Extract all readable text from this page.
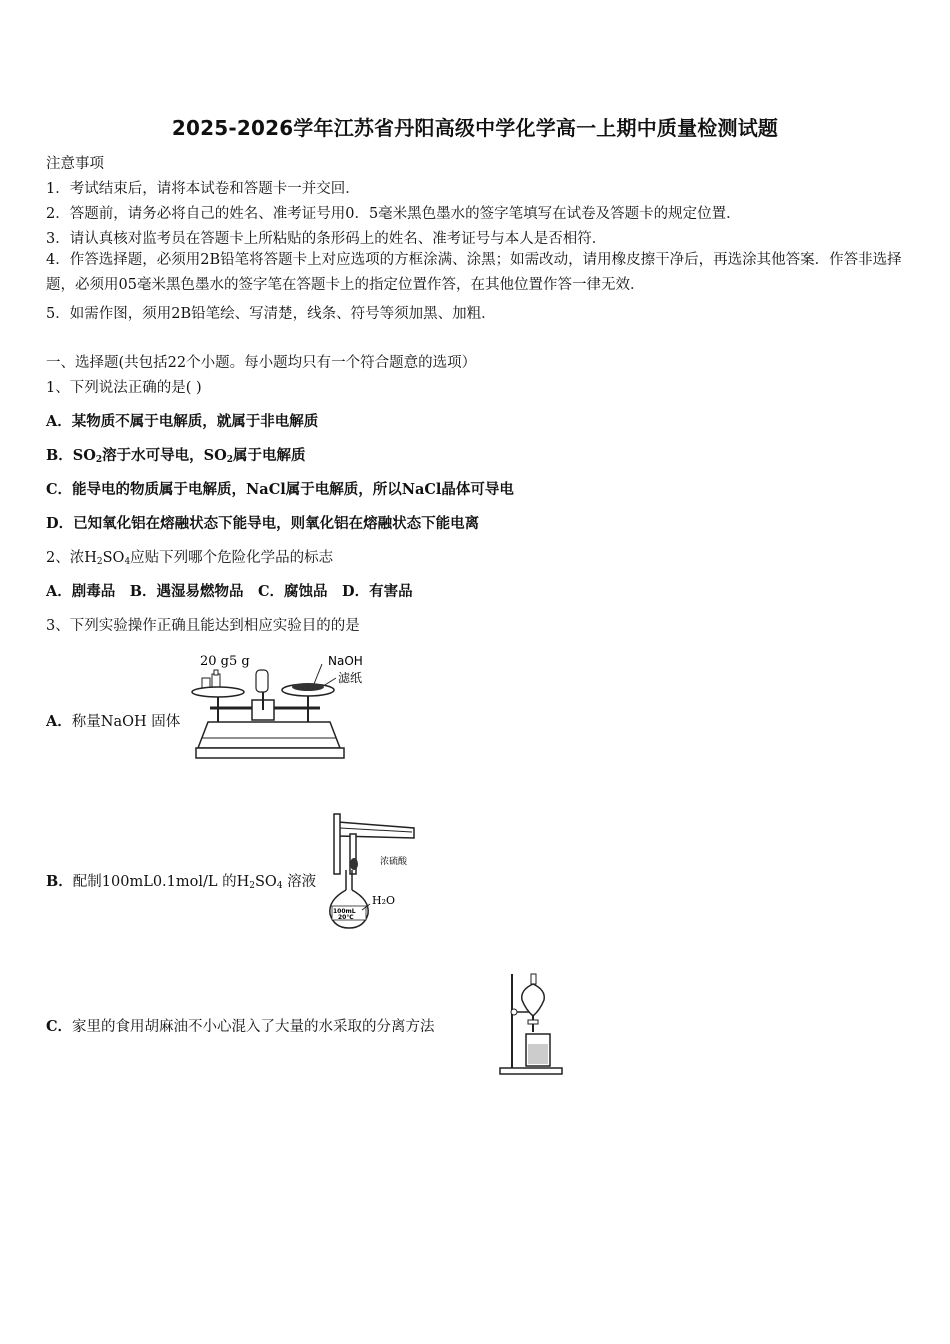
2025-2026学年江苏省丹阳高级中学化学高一上期中质量检测试题
注意事项
1．考试结束后，请将本试卷和答题卡一并交回．
2．答题前，请务必将自己的姓名、准考证号用0．5毫米黑色墨水的签字笔填写在试卷及答题卡的规定位置．
3．请认真核对监考员在答题卡上所粘贴的条形码上的姓名、准考证号与本人是否相符．
4．作答选择题，必须用2B铅笔将答题卡上对应选项的方框涂满、涂黑；如需改动，请用橡皮擦干净后，再选涂其他答案．作答非选择题，必须用05毫米黑色墨水的签字笔在答题卡上的指定位置作答，在其他位置作答一律无效．
5．如需作图，须用2B铅笔绘、写清楚，线条、符号等须加黑、加粗．
一、选择题(共包括22个小题。每小题均只有一个符合题意的选项）
1、下列说法正确的是( )
A．某物质不属于电解质，就属于非电解质
B．$SO_2$溶于水可导电，$SO_2$属于电解质
C．能导电的物质属于电解质，NaCl属于电解质，所以NaCl晶体可导电
D．已知氧化铝在熔融状态下能导电，则氧化铝在熔融状态下能电离
2、浓$H_2SO_4$应贴下列哪个危险化学品的标志
A．剧毒品　B．遇湿易燃物品　C．腐蚀品　D．有害品
3、下列实验操作正确且能达到相应实验目的的是
A．称量NaOH 固体
20 g5 g	NaOH
滤纸
B．配制100mL0.1mol/L 的$H_2SO_4$ 溶液
浓硫酸
100mL
20℃
H₂O
C．家里的食用胡麻油不小心混入了大量的水采取的分离方法
